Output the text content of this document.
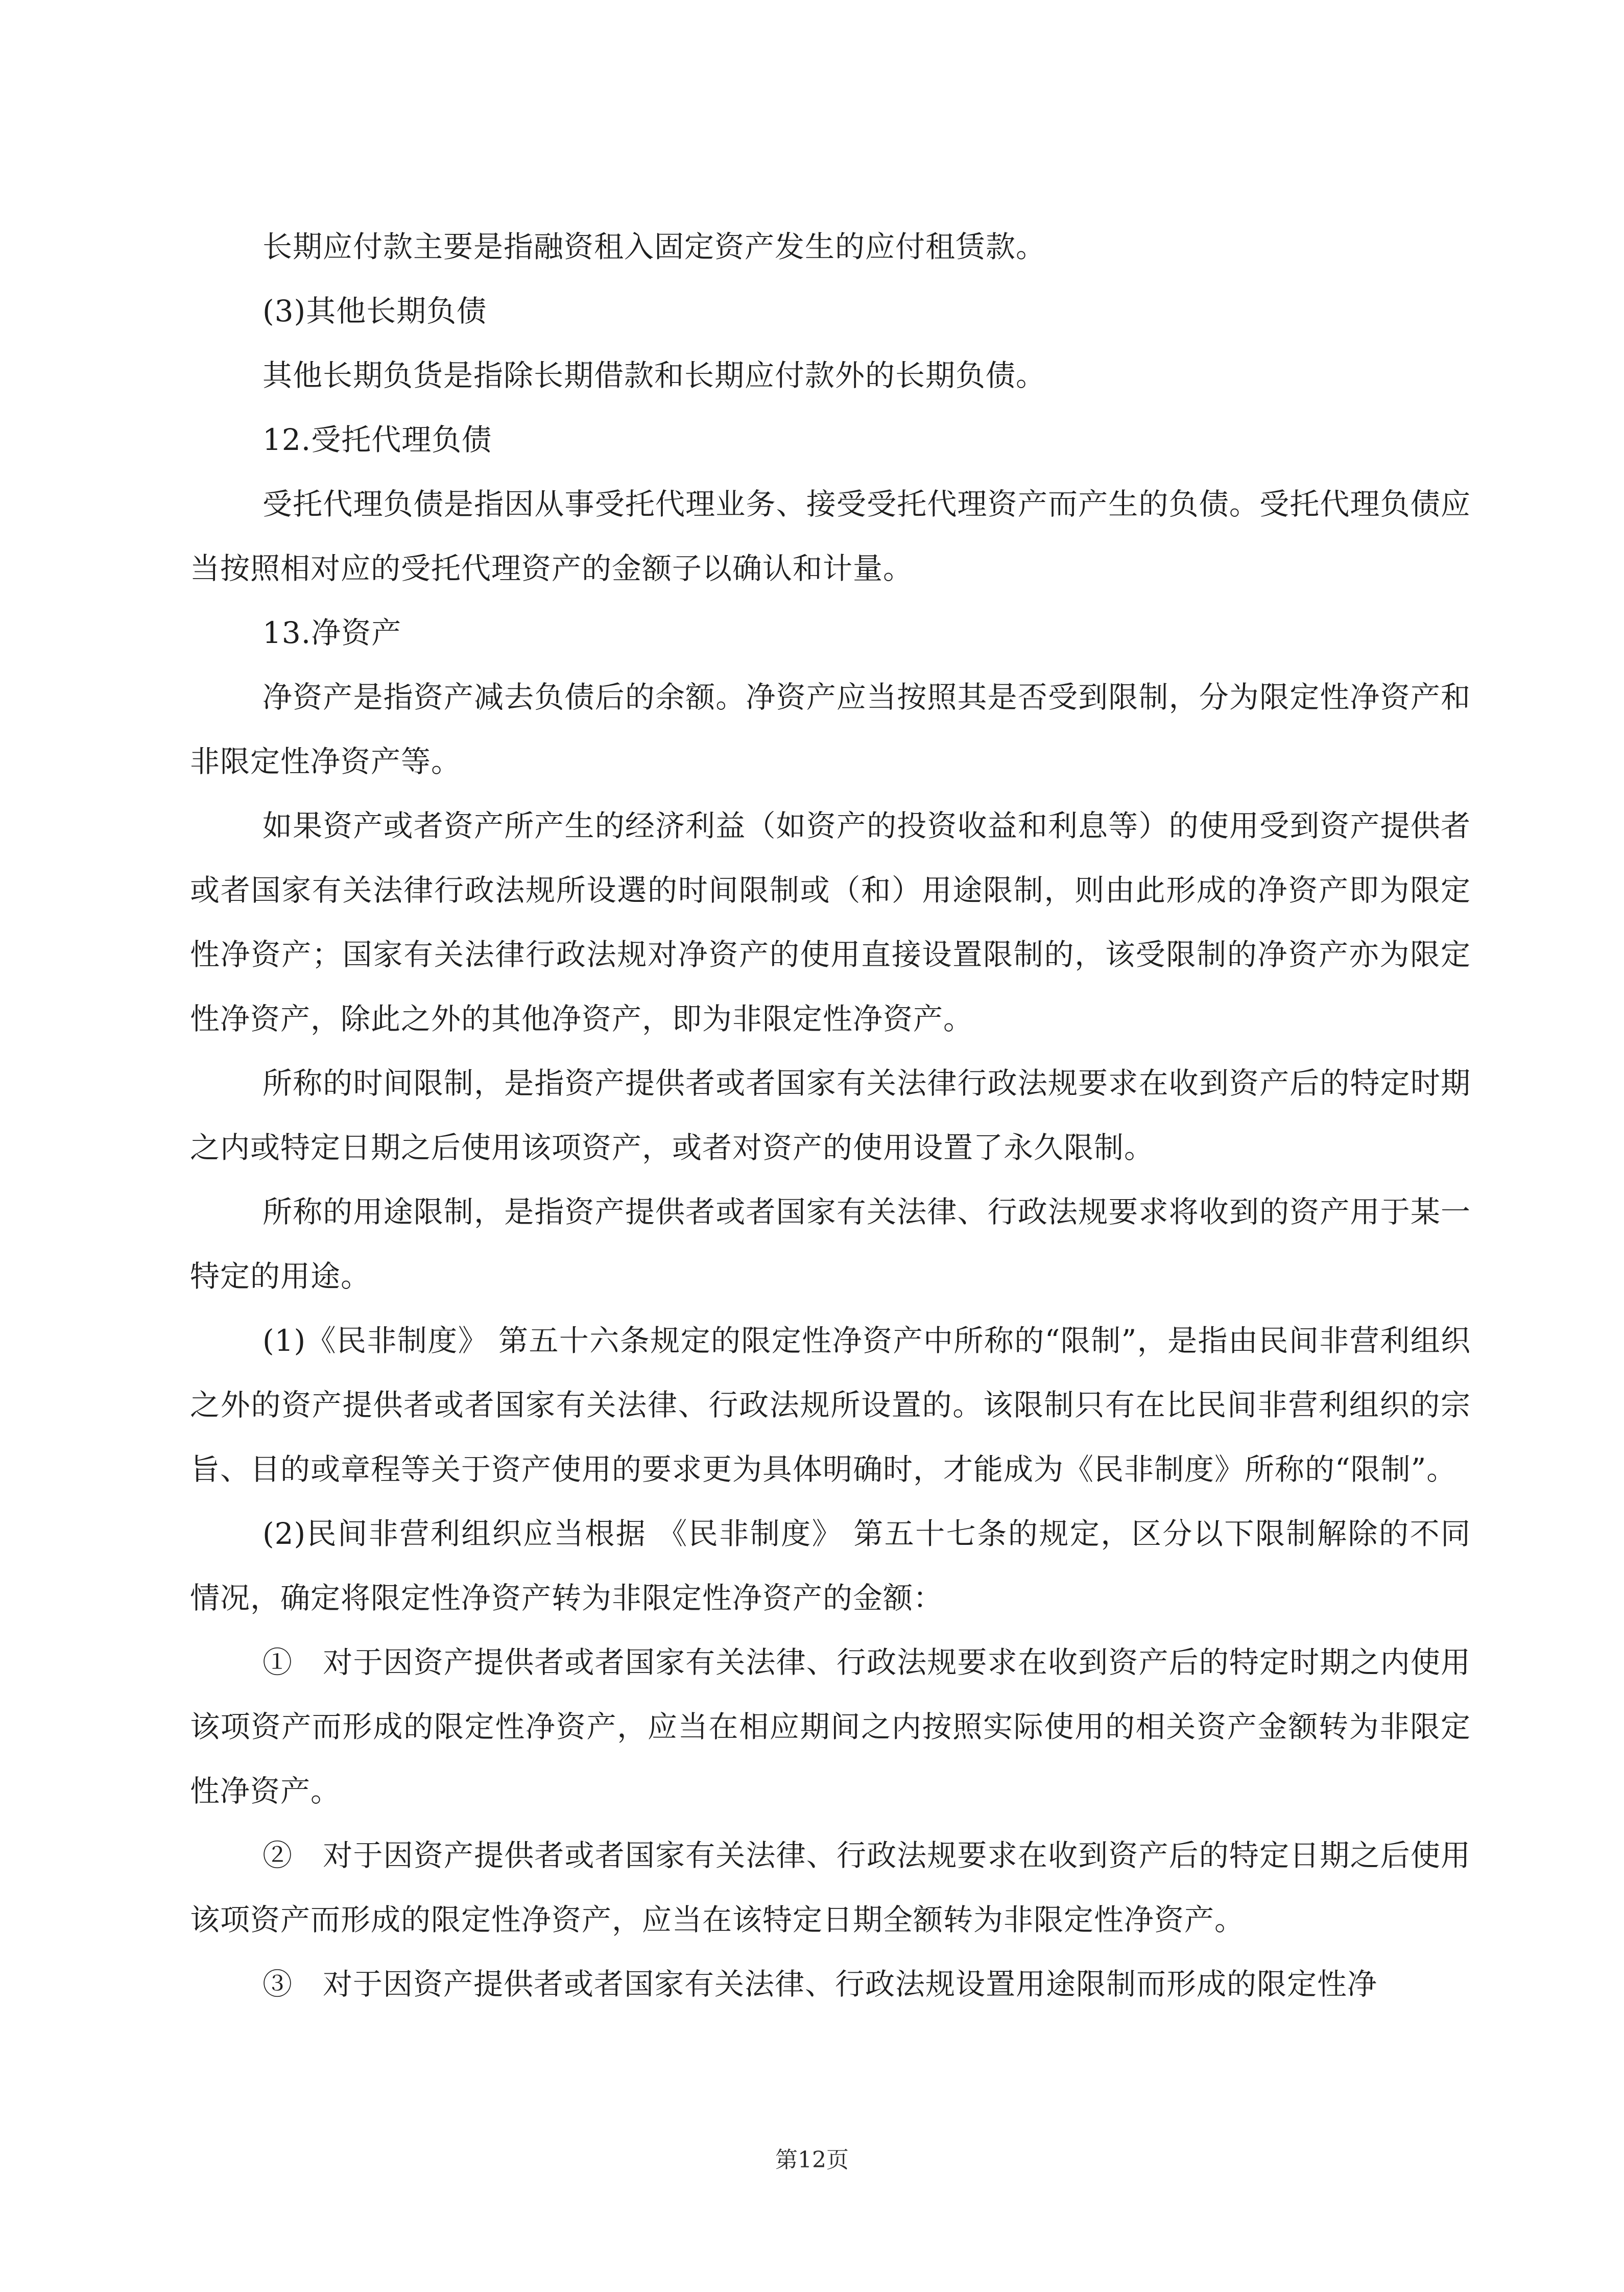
长期应付款主要是指融资租入固定资产发生的应付租赁款。

(3)其他长期负债

其他长期负货是指除长期借款和长期应付款外的长期负债。

12.受托代理负债

受托代理负债是指因从事受托代理业务、接受受托代理资产而产生的负债。受托代理负债应当按照相对应的受托代理资产的金额子以确认和计量。

13.净资产

净资产是指资产减去负债后的余额。净资产应当按照其是否受到限制，分为限定性净资产和非限定性净资产等。

如果资产或者资产所产生的经济利益（如资产的投资收益和利息等）的使用受到资产提供者或者国家有关法律行政法规所设選的时间限制或（和）用途限制，则由此形成的净资产即为限定性净资产；国家有关法律行政法规对净资产的使用直接设置限制的，该受限制的净资产亦为限定性净资产，除此之外的其他净资产，即为非限定性净资产。

所称的时间限制，是指资产提供者或者国家有关法律行政法规要求在收到资产后的特定时期之内或特定日期之后使用该项资产，或者对资产的使用设置了永久限制。

所称的用途限制，是指资产提供者或者国家有关法律、行政法规要求将收到的资产用于某一特定的用途。

(1)《民非制度》 第五十六条规定的限定性净资产中所称的“限制”，是指由民间非营利组织之外的资产提供者或者国家有关法律、行政法规所设置的。该限制只有在比民间非营利组织的宗旨、目的或章程等关于资产使用的要求更为具体明确时，才能成为《民非制度》所称的“限制”。

(2)民间非营利组织应当根据 《民非制度》 第五十七条的规定，区分以下限制解除的不同情况，确定将限定性净资产转为非限定性净资产的金额：

①　对于因资产提供者或者国家有关法律、行政法规要求在收到资产后的特定时期之内使用该项资产而形成的限定性净资产，应当在相应期间之内按照实际使用的相关资产金额转为非限定性净资产。

②　对于因资产提供者或者国家有关法律、行政法规要求在收到资产后的特定日期之后使用该项资产而形成的限定性净资产，应当在该特定日期全额转为非限定性净资产。

③　对于因资产提供者或者国家有关法律、行政法规设置用途限制而形成的限定性净

第12页
